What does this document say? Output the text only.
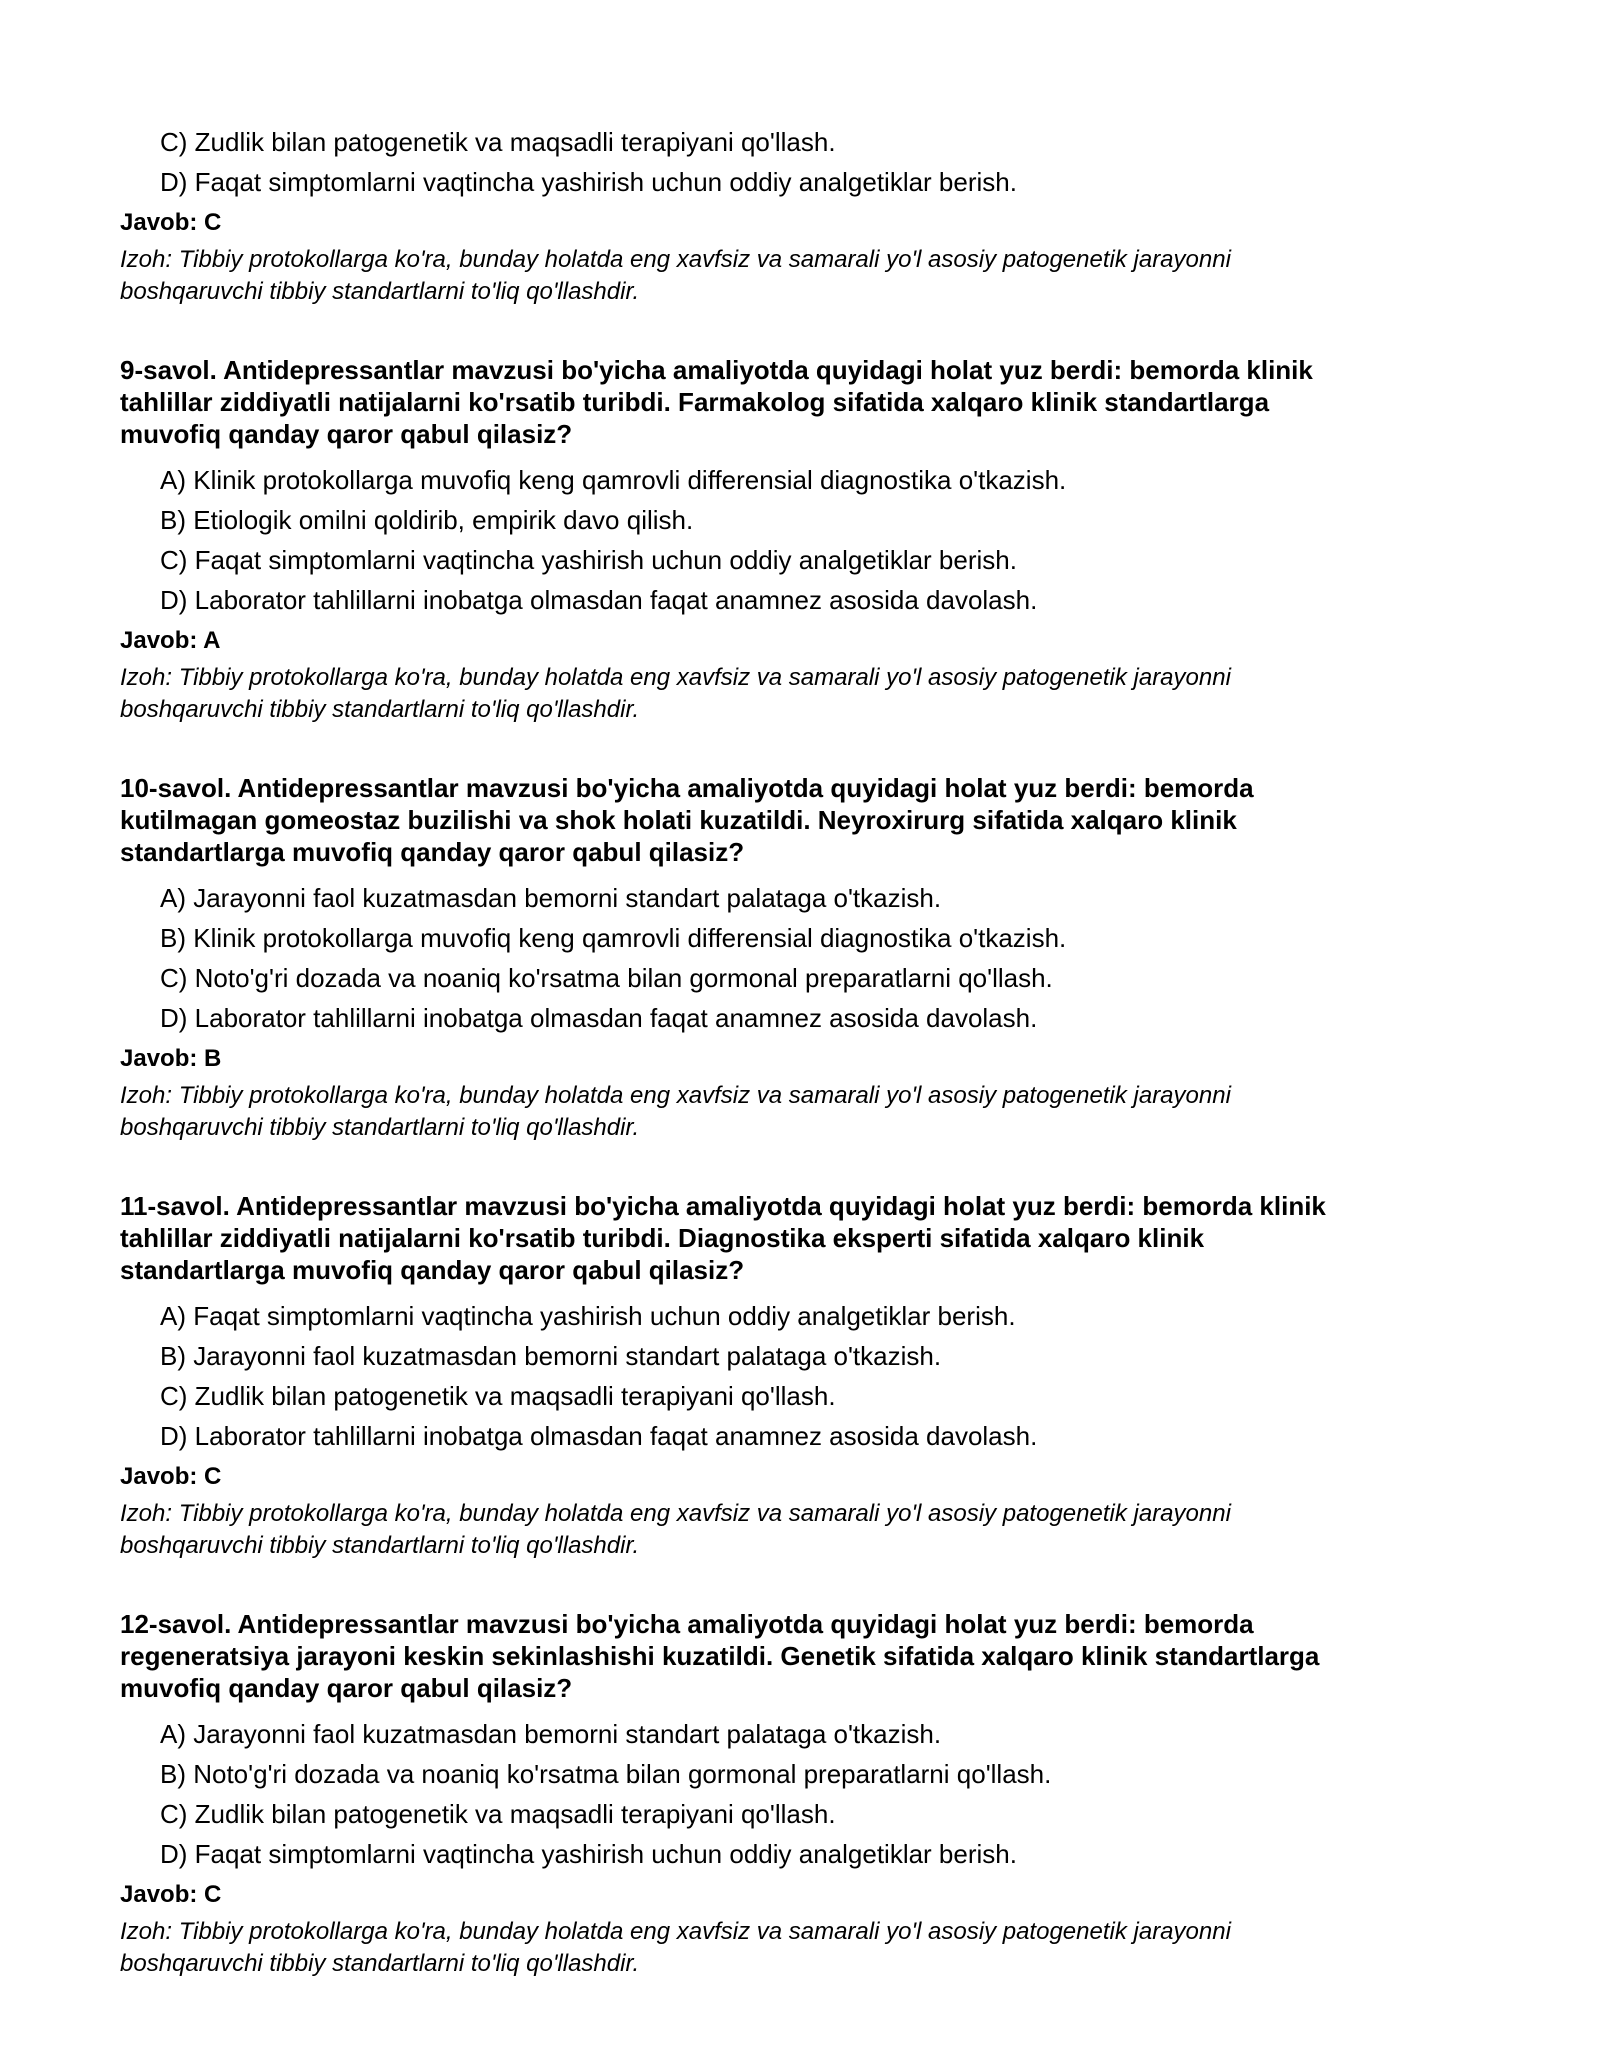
C) Zudlik bilan patogenetik va maqsadli terapiyani qo'llash.
D) Faqat simptomlarni vaqtincha yashirish uchun oddiy analgetiklar berish.
Javob: C
Izoh: Tibbiy protokollarga ko'ra, bunday holatda eng xavfsiz va samarali yo'l asosiy patogenetik jarayonni
boshqaruvchi tibbiy standartlarni to'liq qo'llashdir.
9-savol. Antidepressantlar mavzusi bo'yicha amaliyotda quyidagi holat yuz berdi: bemorda klinik
tahlillar ziddiyatli natijalarni ko'rsatib turibdi. Farmakolog sifatida xalqaro klinik standartlarga
muvofiq qanday qaror qabul qilasiz?
A) Klinik protokollarga muvofiq keng qamrovli differensial diagnostika o'tkazish.
B) Etiologik omilni qoldirib, empirik davo qilish.
C) Faqat simptomlarni vaqtincha yashirish uchun oddiy analgetiklar berish.
D) Laborator tahlillarni inobatga olmasdan faqat anamnez asosida davolash.
Javob: A
Izoh: Tibbiy protokollarga ko'ra, bunday holatda eng xavfsiz va samarali yo'l asosiy patogenetik jarayonni
boshqaruvchi tibbiy standartlarni to'liq qo'llashdir.
10-savol. Antidepressantlar mavzusi bo'yicha amaliyotda quyidagi holat yuz berdi: bemorda
kutilmagan gomeostaz buzilishi va shok holati kuzatildi. Neyroxirurg sifatida xalqaro klinik
standartlarga muvofiq qanday qaror qabul qilasiz?
A) Jarayonni faol kuzatmasdan bemorni standart palataga o'tkazish.
B) Klinik protokollarga muvofiq keng qamrovli differensial diagnostika o'tkazish.
C) Noto'g'ri dozada va noaniq ko'rsatma bilan gormonal preparatlarni qo'llash.
D) Laborator tahlillarni inobatga olmasdan faqat anamnez asosida davolash.
Javob: B
Izoh: Tibbiy protokollarga ko'ra, bunday holatda eng xavfsiz va samarali yo'l asosiy patogenetik jarayonni
boshqaruvchi tibbiy standartlarni to'liq qo'llashdir.
11-savol. Antidepressantlar mavzusi bo'yicha amaliyotda quyidagi holat yuz berdi: bemorda klinik
tahlillar ziddiyatli natijalarni ko'rsatib turibdi. Diagnostika eksperti sifatida xalqaro klinik
standartlarga muvofiq qanday qaror qabul qilasiz?
A) Faqat simptomlarni vaqtincha yashirish uchun oddiy analgetiklar berish.
B) Jarayonni faol kuzatmasdan bemorni standart palataga o'tkazish.
C) Zudlik bilan patogenetik va maqsadli terapiyani qo'llash.
D) Laborator tahlillarni inobatga olmasdan faqat anamnez asosida davolash.
Javob: C
Izoh: Tibbiy protokollarga ko'ra, bunday holatda eng xavfsiz va samarali yo'l asosiy patogenetik jarayonni
boshqaruvchi tibbiy standartlarni to'liq qo'llashdir.
12-savol. Antidepressantlar mavzusi bo'yicha amaliyotda quyidagi holat yuz berdi: bemorda
regeneratsiya jarayoni keskin sekinlashishi kuzatildi. Genetik sifatida xalqaro klinik standartlarga
muvofiq qanday qaror qabul qilasiz?
A) Jarayonni faol kuzatmasdan bemorni standart palataga o'tkazish.
B) Noto'g'ri dozada va noaniq ko'rsatma bilan gormonal preparatlarni qo'llash.
C) Zudlik bilan patogenetik va maqsadli terapiyani qo'llash.
D) Faqat simptomlarni vaqtincha yashirish uchun oddiy analgetiklar berish.
Javob: C
Izoh: Tibbiy protokollarga ko'ra, bunday holatda eng xavfsiz va samarali yo'l asosiy patogenetik jarayonni
boshqaruvchi tibbiy standartlarni to'liq qo'llashdir.
